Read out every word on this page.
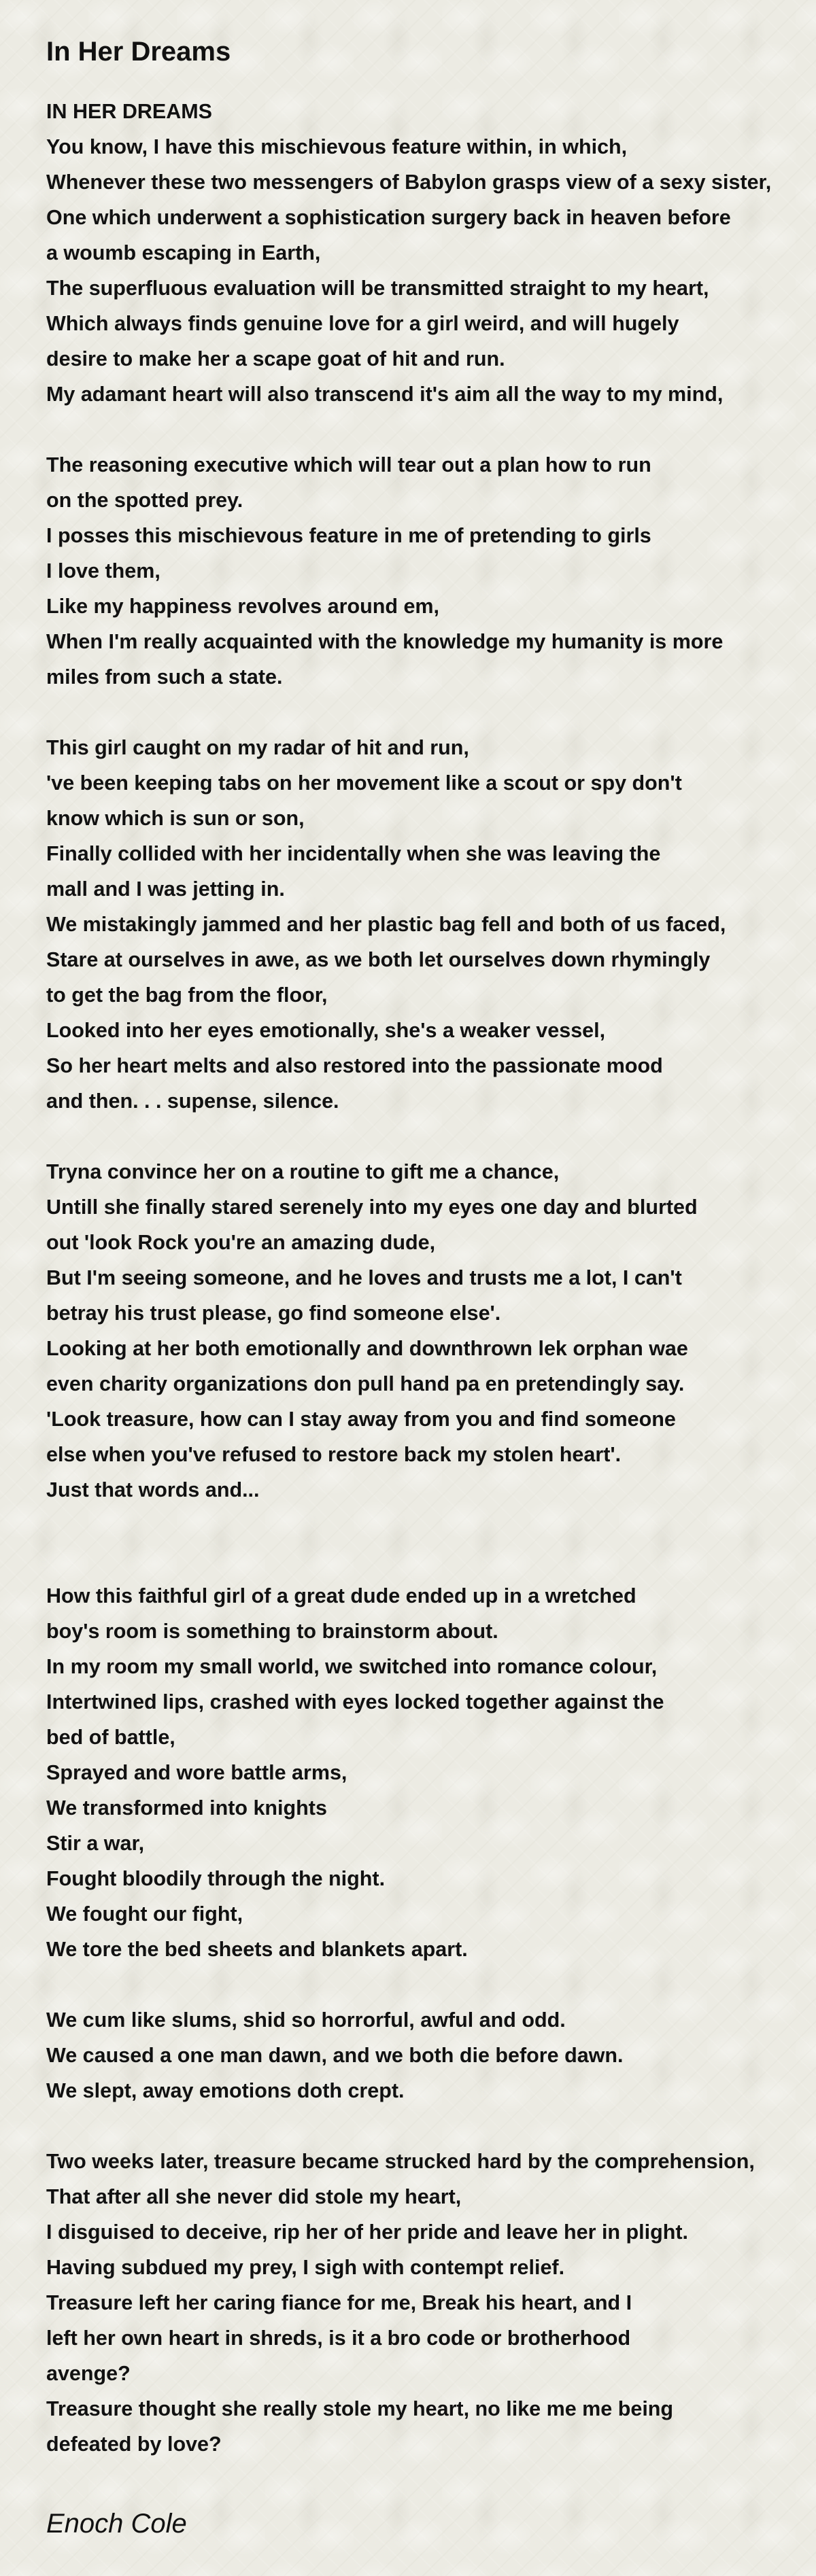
In Her Dreams
IN HER DREAMS
You know, I have this mischievous feature within, in which,
Whenever these two messengers of Babylon grasps view of a sexy sister,
One which underwent a sophistication surgery back in heaven before
a woumb escaping in Earth,
The superfluous evaluation will be transmitted straight to my heart,
Which always finds genuine love for a girl weird, and will hugely
desire to make her a scape goat of hit and run.
My adamant heart will also transcend it's aim all the way to my mind,
The reasoning executive which will tear out a plan how to run
on the spotted prey.
I posses this mischievous feature in me of pretending to girls
I love them,
Like my happiness revolves around em,
When I'm really acquainted with the knowledge my humanity is more
miles from such a state.
This girl caught on my radar of hit and run,
've been keeping tabs on her movement like a scout or spy don't
know which is sun or son,
Finally collided with her incidentally when she was leaving the
mall and I was jetting in.
We mistakingly jammed and her plastic bag fell and both of us faced,
Stare at ourselves in awe, as we both let ourselves down rhymingly
to get the bag from the floor,
Looked into her eyes emotionally, she's a weaker vessel,
So her heart melts and also restored into the passionate mood
and then. . . supense, silence.
Tryna convince her on a routine to gift me a chance,
Untill she finally stared serenely into my eyes one day and blurted
out 'look Rock you're an amazing dude,
But I'm seeing someone, and he loves and trusts me a lot, I can't
betray his trust please, go find someone else'.
Looking at her both emotionally and downthrown lek orphan wae
even charity organizations don pull hand pa en pretendingly say.
'Look treasure, how can I stay away from you and find someone
else when you've refused to restore back my stolen heart'.
Just that words and...
How this faithful girl of a great dude ended up in a wretched
boy's room is something to brainstorm about.
In my room my small world, we switched into romance colour,
Intertwined lips, crashed with eyes locked together against the
bed of battle,
Sprayed and wore battle arms,
We transformed into knights
Stir a war,
Fought bloodily through the night.
We fought our fight,
We tore the bed sheets and blankets apart.
We cum like slums, shid so horrorful, awful and odd.
We caused a one man dawn, and we both die before dawn.
We slept, away emotions doth crept.
Two weeks later, treasure became strucked hard by the comprehension,
That after all she never did stole my heart,
I disguised to deceive, rip her of her pride and leave her in plight.
Having subdued my prey, I sigh with contempt relief.
Treasure left her caring fiance for me, Break his heart, and I
left her own heart in shreds, is it a bro code or brotherhood
avenge?
Treasure thought she really stole my heart, no like me me being
defeated by love?
Enoch Cole
